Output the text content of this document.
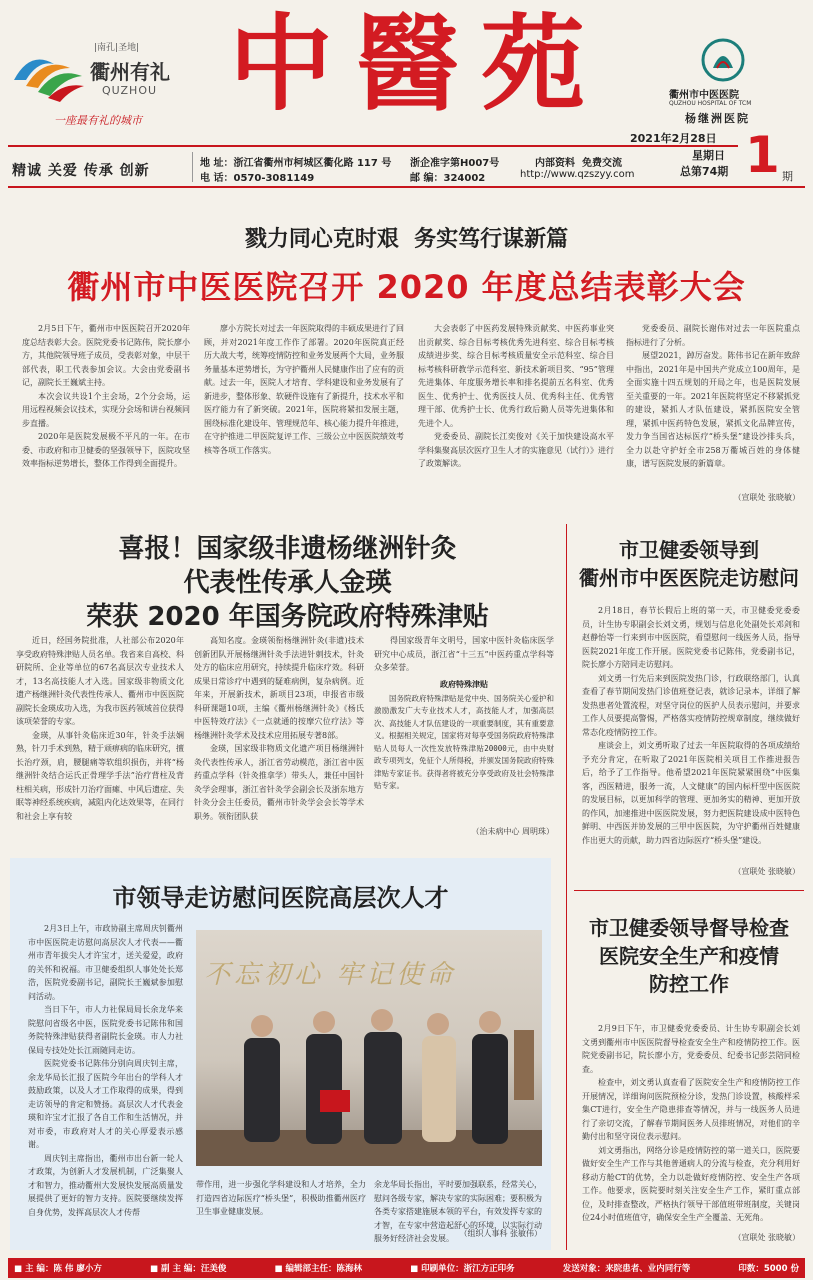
|南孔|圣地|
衢州有礼
QUZHOU
一座最有礼的城市 中醫苑	衢州市中医医院
QUZHOU HOSPITAL OF TCM
杨继洲医院
2021年2月28日
星期日
总第74期 1 期
精诚 关爱 传承 创新	地 址：浙江省衢州市柯城区衢化路 117 号
电 话：0570-3081149
浙企准字第H007号
邮 编：324002
内部资料  免费交流
http://www.qzszyy.com
戮力同心克时艰  务实笃行谋新篇
衢州市中医医院召开 2020 年度总结表彰大会

2月5日下午，衢州市中医医院召开2020年度总结表彰大会。医院党委书记陈伟，院长廖小方，其他院领导班子成员，受表彰对象，中层干部代表，职工代表参加会议。大会由党委副书记，副院长王巍斌主持。

本次会议共设1个主会场，2个分会场，运用远程视频会议技术，实现分会场和讲台视频同步直播。

2020年是医院发展极不平凡的一年。在市委、市政府和市卫健委的坚强领导下，医院攻坚效率指标逆势增长，整体工作得到全面提升。

廖小方院长对过去一年医院取得的丰硕成果进行了回顾，并对2021年度工作作了部署。2020年医院真正经历大战大考，统筹疫情防控和业务发展两个大局，业务服务量基本逆势增长，为守护衢州人民健康作出了应有的贡献。过去一年，医院人才培育、学科建设和业务发展有了新进步，整体形象、软硬件设施有了新提升，技术水平和医疗能力有了新突破。2021年，医院将紧扣发展主题，围绕标准化建设年、管理规范年、核心能力提升年推进，在守护推进二甲医院复评工作、三级公立中医医院绩效考核等各项工作落实。

大会表彰了中医药发展特殊贡献奖、中医药事业突出贡献奖、综合目标考核优秀先进科室、综合目标考核成绩进步奖、综合目标考核质量安全示范科室、综合目标考核科研教学示范科室、新技术新项目奖、“95”管理先进集体、年度服务增长率和排名提前五名科室、优秀医生、优秀护士、优秀医技人员、优秀科主任、优秀管理干部、优秀护士长、优秀行政后勤人员等先进集体和先进个人。

党委委员、副院长江奕俊对《关于加快建设高水平学科集聚高层次医疗卫生人才的实施意见（试行）》进行了政策解读。

党委委员、副院长谢伟对过去一年医院重点指标进行了分析。

展望2021，踔厉奋发。陈伟书记在新年致辞中指出，2021年是中国共产党成立100周年，是全面实施十四五规划的开局之年，也是医院发展至关重要的一年。2021年医院将坚定不移紧抓党的建设，紧抓人才队伍建设，紧抓医院安全管理，紧抓中医药特色发展，紧抓文化品牌宣传，发力争当国省达标医疗“桥头堡”建设沙排头兵，全力以赴守护好全市258万衢城百姓的身体健康，谱写医院发展的新篇章。

（宣联处 张晓敏）

喜报！国家级非遗杨继洲针灸
代表性传承人金瑛
荣获 2020 年国务院政府特殊津贴

近日，经国务院批准，人社部公布2020年享受政府特殊津贴人员名单。我省来自高校、科研院所、企业等单位的67名高层次专业技术人才，13名高技能人才入选。国家级非物质文化遗产杨继洲针灸代表性传承人、衢州市中医医院副院长金瑛成功入选，为我市医药领域首位获得该项荣誉的专家。

金瑛，从事针灸临床近30年，针灸手法娴熟，针刀手术到熟，精于顽痹病的临床研究，擅长治疗颈，肩，腰腿痛等软组织损伤，并将“杨继洲针灸结合运氏正骨理学手法”治疗背柱及背柱相关病，形成针刀治疗面瘫、中风后遗症、失眠等神经系统疾病，减阻内化达效果等，在同行和社会上享有较

高知名度。金瑛领衔杨继洲针灸(非遗)技术创新团队开展杨继洲针灸手法进针刺技术，针灸处方的临床应用研究，持续提升临床疗效。科研成果日常诊疗中遇到的疑难病例，复杂病例。近年来，开展新技术，新项目23项，申报省市级科研课题10项，主编《衢州杨继洲针灸》《杨氏中医特效疗法》《一点就通的按摩穴位疗法》等杨继洲针灸学术及技术应用拓展专著8部。

金瑛，国家级非物质文化遗产项目杨继洲针灸代表性传承人，浙江省劳动模范，浙江省中医药重点学科（针灸推拿学）带头人，兼任中国针灸学会理事，浙江省针灸学会副会长及浙东地方针灸分会主任委员，衢州市针灸学会会长等学术职务。领衔团队获

得国家级青年文明号，国家中医针灸临床医学研究中心成员，浙江省“十三五”中医药重点学科等众多荣誉。

政府特殊津贴

国务院政府特殊津贴是党中央、国务院关心爱护和激励激发广大专业技术人才，高技能人才，加强高层次、高技能人才队伍建设的一项重要制度，其有重要意义。根据相关规定，国家将对每享受国务院政府特殊津贴人员每人一次性发放特殊津贴20000元，由中央财政专项列支，免征个人所得税，并颁发国务院政府特殊津贴专家证书。获得者将被充分享受政府及社会特殊津贴专家。

（治未病中心 周明珠）

市领导走访慰问医院高层次人才

2月3日上午，市政协副主席周庆钊衢州市中医医院走访慰问高层次人才代表——衢州市青年拔尖人才许宝才，送关爱爱，政府的关怀和祝福。市卫健委组织人事处处长郑浩，医院党委副书记，副院长王巍斌参加慰问活动。

当日下午，市人力社保局局长余龙华来院慰问省级名中医，医院党委书记陈伟和国务院特殊津贴获得者副院长金瑛。市人力社保局专技处处长江雨随同走访。

医院党委书记陈伟分别向周庆钊主席，余龙华局长汇报了医院今年出台的学科人才鼓励政策，以及人才工作取得的成果，得到走访领导的肯定和赞扬。高层次人才代表金瑛和许宝才汇报了各自工作和生活情况，并对市委，市政府对人才的关心厚爱表示感谢。

周庆钊主席指出，衢州市出台新一轮人才政策，为创新人才发展机制，广泛集聚人才和智力，推动衢州大发展快发展高质量发展提供了更好的智力支持。医院要继续发挥自身优势，发挥高层次人才传帮

不忘初心 牢记使命

带作用，进一步强化学科建设和人才培养，全力打造四省边际医疗“桥头堡”，积极助推衢州医疗卫生事业健康发展。

余龙华局长指出，平时要加强联系，经常关心，慰问各级专家，解决专家的实际困难；要积极为各类专家搭建施展本领的平台，有效发挥专家的才智，在专家中营造起舒心的环境，以实际行动服务好经济社会发展。

（组织人事科 张敏伟）

市卫健委领导到
衢州市中医医院走访慰问

2月18日，春节长假后上班的第一天，市卫健委党委委员，计生协专职副会长刘文勇，规划与信息化处副处长邓剑和赵静怡等一行来到市中医医院，看望慰问一线医务人员，指导医院2021年度工作开展。医院党委书记陈伟，党委副书记，院长廖小方陪同走访慰问。

刘文勇一行先后来到医院发热门诊，行政联络部门，认真查看了春节期间发热门诊值班登记表，就诊记录本，详细了解发热患者处置流程，对坚守岗位的医护人员表示慰问，并要求工作人员要提高警惕，严格落实疫情防控规章制度，继续做好常态化疫情防控工作。

座谈会上，刘文勇听取了过去一年医院取得的各项成绩给予充分肯定，在听取了2021年医院相关项目工作推进报告后，给予了工作指导。他希望2021年医院紧紧围绕“中医集客，西医精进，服务一流，人文健康”的国内标杆型中医医院的发展目标，以更加科学的管理、更加务实的精神、更加开放的作风，加速推进中医医院发展，努力把医院建设成中医特色鲜明、中西医并协发展的三甲中医医院，为守护衢州百姓健康作出更大的贡献，助力四省边际医疗“桥头堡”建设。

（宣联处 张晓敏）

市卫健委领导督导检查
医院安全生产和疫情
防控工作

2月9日下午，市卫健委党委委员、计生协专职副会长刘文勇到衢州市中医医院督导检查安全生产和疫情防控工作。医院党委副书记，院长廖小方，党委委员、纪委书记彭芸陪同检查。

检查中，刘文勇认真查看了医院安全生产和疫情防控工作开展情况，详细询问医院预检分诊，发热门诊设置，核酸样采集CT进行，安全生产隐患排查等情况，并与一线医务人员进行了亲切交流，了解春节期间医务人员排班情况，对他们的辛勤付出和坚守岗位表示慰问。

刘文勇指出，网络分诊是疫情防控的第一道关口，医院要做好安全生产工作与其他普通病人的分流与检查，充分利用好移动方舱CT的优势，全力以赴做好疫情防控、安全生产各项工作。他要求，医院要时刻关注安全生产工作，紧盯重点部位，及时排查整改，严格执行领导干部值班带班制度，关键岗位24小时值班值守，确保安全生产全覆盖、无死角。

（宣联处 张晓敏）

■ 主 编：陈 伟 廖小方	■ 副 主 编：汪美俊	■ 编辑部主任：陈海林	■ 印刷单位：浙江方正印务	发送对象：来院患者、业内同行等	印数：5000 份
